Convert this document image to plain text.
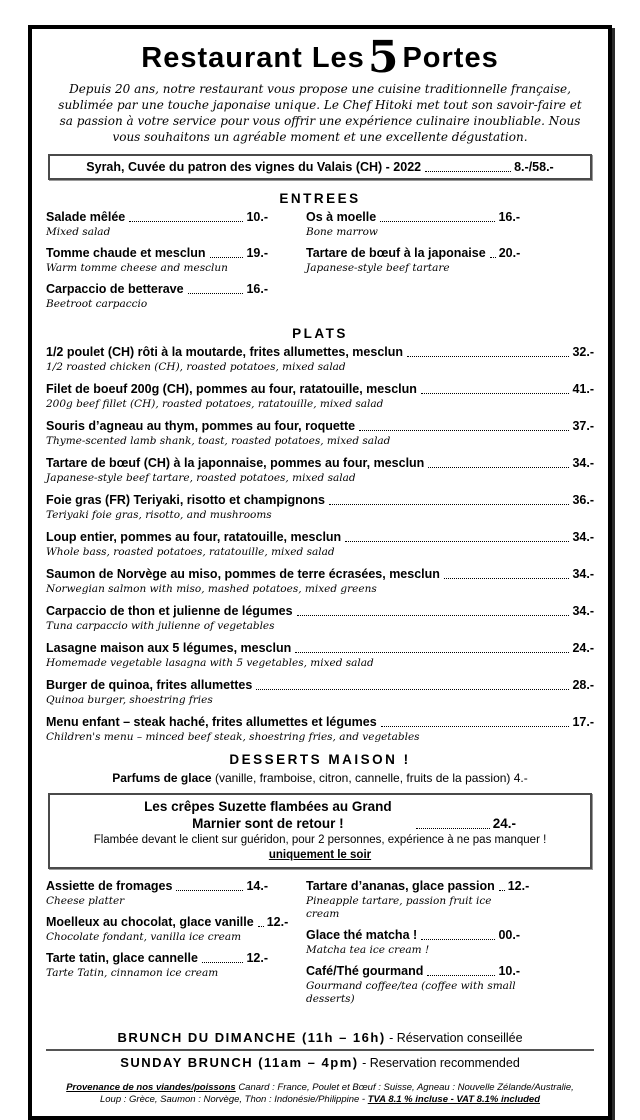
Restaurant Les5 Portes

Depuis 20 ans, notre restaurant vous propose une cuisine traditionnelle française, sublimée par une touche japonaise unique. Le Chef Hitoki met tout son savoir-faire et sa passion à votre service pour vous offrir une expérience culinaire inoubliable. Nous vous souhaitons un agréable moment et une excellente dégustation.

Syrah, Cuvée du patron des vignes du Valais (CH) - 2022	8.-/58.-
ENTREES
Salade mêlée	10.-
Mixed salad
Tomme chaude et mesclun	19.-
Warm tomme cheese and mesclun
Carpaccio de betterave	16.-
Beetroot carpaccio
Os à moelle	16.-
Bone marrow
Tartare de bœuf à la japonaise 20.-
Japanese-style beef tartare
PLATS
1/2 poulet (CH) rôti à la moutarde, frites allumettes, mesclun	32.-
1/2 roasted chicken (CH), roasted potatoes, mixed salad
Filet de boeuf 200g (CH), pommes au four, ratatouille, mesclun	41.-
200g beef fillet (CH), roasted potatoes, ratatouille, mixed salad
Souris d’agneau au thym, pommes au four, roquette	37.-
Thyme-scented lamb shank, toast, roasted potatoes, mixed salad
Tartare de bœuf (CH) à la japonnaise, pommes au four, mesclun	34.-
Japanese-style beef tartare, roasted potatoes, mixed salad
Foie gras (FR) Teriyaki, risotto et champignons	36.-
Teriyaki foie gras, risotto, and mushrooms
Loup entier, pommes au four, ratatouille, mesclun	34.-
Whole bass, roasted potatoes, ratatouille, mixed salad
Saumon de Norvège au miso, pommes de terre écrasées, mesclun	34.-
Norwegian salmon with miso, mashed potatoes, mixed greens
Carpaccio de thon et julienne de légumes	34.-
Tuna carpaccio with julienne of vegetables
Lasagne maison aux 5 légumes, mesclun	24.-
Homemade vegetable lasagna with 5 vegetables, mixed salad
Burger de quinoa, frites allumettes	28.-
Quinoa burger, shoestring fries
Menu enfant – steak haché, frites allumettes et légumes	17.-
Children's menu – minced beef steak, shoestring fries, and vegetables
DESSERTS MAISON !
Parfums de glace (vanille, framboise, citron, cannelle, fruits de la passion) 4.-
Les crêpes Suzette flambées au Grand Marnier sont de retour !	24.-
Flambée devant le client sur guéridon, pour 2 personnes, expérience à ne pas manquer ! uniquement le soir
Assiette de fromages	14.-
Cheese platter
Moelleux au chocolat, glace vanille 12.-
Chocolate fondant, vanilla ice cream
Tarte tatin, glace cannelle	12.-
Tarte Tatin, cinnamon ice cream
Tartare d’ananas, glace passion 12.-
Pineapple tartare, passion fruit ice cream
Glace thé matcha !	00.-
Matcha tea ice cream !
Café/Thé gourmand	10.-
Gourmand coffee/tea (coffee with small desserts)
BRUNCH DU DIMANCHE (11h – 16h) - Réservation conseillée
SUNDAY BRUNCH (11am – 4pm) - Reservation recommended
Provenance de nos viandes/poissons Canard : France, Poulet et Bœuf : Suisse, Agneau : Nouvelle Zélande/Australie,
Loup : Grèce, Saumon : Norvège, Thon : Indonésie/Philippine - TVA 8.1 % incluse - VAT 8.1% included
